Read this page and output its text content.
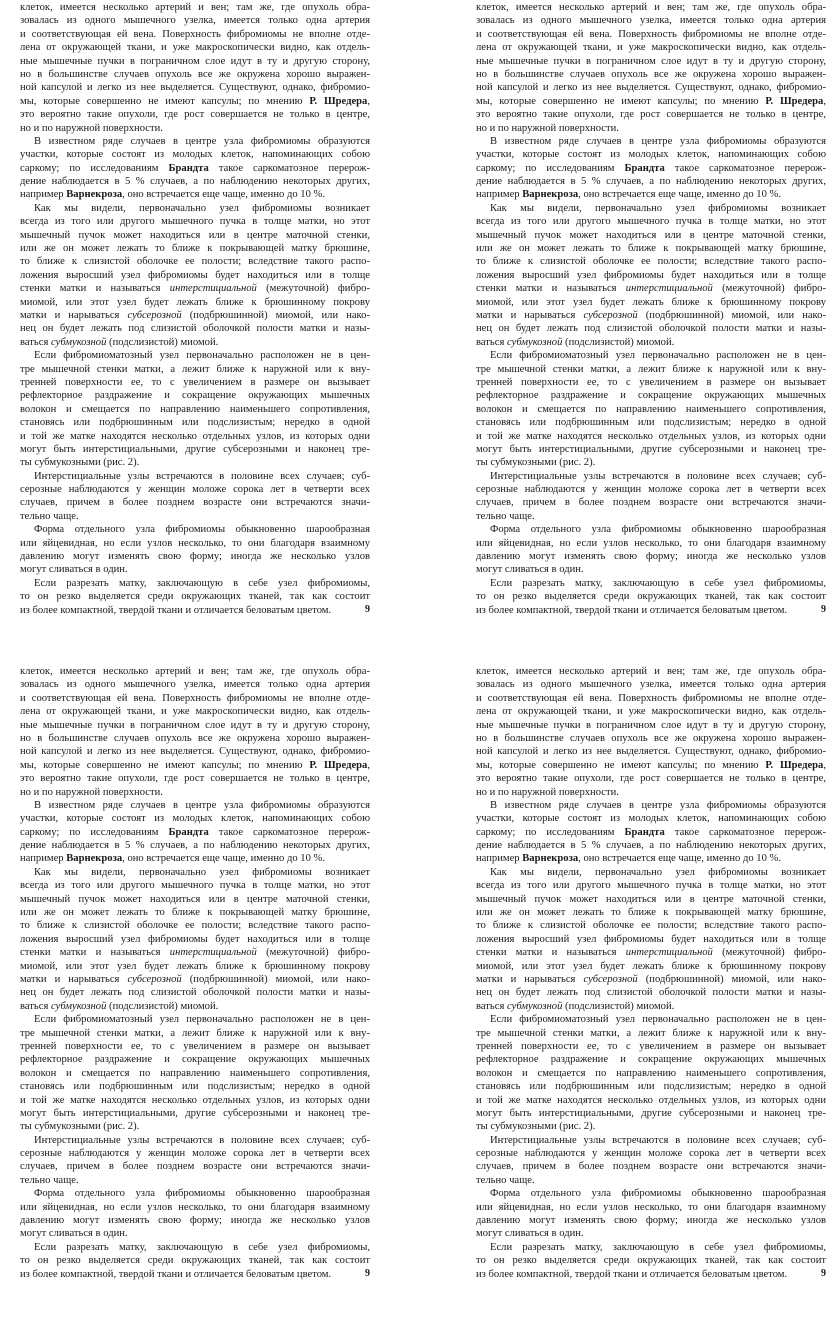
клеток, имеется несколько артерий и вен; там же, где опухоль обра-
зовалась из одного мышечного узелка, имеется только одна артерия
и соответствующая ей вена. Поверхность фибромиомы не вполне отде-
лена от окружающей ткани, и уже макроскопически видно, как отдель-
ные мышечные пучки в пограничном слое идут в ту и другую сторону,
но в большинстве случаев опухоль все же окружена хорошо выражен-
ной капсулой и легко из нее выделяется. Существуют, однако, фибромио-
мы, которые совершенно не имеют капсулы; по мнению Р. Шредера,
это вероятно такие опухоли, где рост совершается не только в центре,
но и по наружной поверхности.
В известном ряде случаев в центре узла фибромиомы образуются
участки, которые состоят из молодых клеток, напоминающих собою
саркому; по исследованиям Брандта такое саркоматозное перерож-
дение наблюдается в 5 % случаев, а по наблюдению некоторых других,
например Варнекроза, оно встречается еще чаще, именно до 10 %.
Как мы видели, первоначально узел фибромиомы возникает
всегда из того или другого мышечного пучка в толще матки, но этот
мышечный пучок может находиться или в центре маточной стенки,
или же он может лежать то ближе к покрывающей матку брюшине,
то ближе к слизистой оболочке ее полости; вследствие такого распо-
ложения выросший узел фибромиомы будет находиться или в толще
стенки матки и называться интерстициальной (межуточной) фибро-
миомой, или этот узел будет лежать ближе к брюшинному покрову
матки и нарываться субсерозной (подбрюшинной) миомой, или нако-
нец он будет лежать под слизистой оболочкой полости матки и назы-
ваться субмукозной (подслизистой) миомой.
Если фибромиоматозный узел первоначально расположен не в цен-
тре мышечной стенки матки, а лежит ближе к наружной или к вну-
тренней поверхности ее, то с увеличением в размере он вызывает
рефлекторное раздражение и сокращение окружающих мышечных
волокон и смещается по направлению наименьшего сопротивления,
становясь или подбрюшинным или подслизистым; нередко в одной
и той же матке находятся несколько отдельных узлов, из которых одни
могут быть интерстициальными, другие субсерозными и наконец тре-
ты субмукозными (рис. 2).
Интерстициальные узлы встречаются в половине всех случаев; суб-
серозные наблюдаются у женщин моложе сорока лет в четверти всех
случаев, причем в более позднем возрасте они встречаются значи-
тельно чаще.
Форма отдельного узла фибромиомы обыкновенно шарообразная
или яйцевидная, но если узлов несколько, то они благодаря взаимному
давлению могут изменять свою форму; иногда же несколько узлов
могут сливаться в один.
Если разрезать матку, заключающую в себе узел фибромиомы,
то он резко выделяется среди окружающих тканей, так как состоит
из более компактной, твердой ткани и отличается беловатым цветом.	9
клеток, имеется несколько артерий и вен; там же, где опухоль обра-
зовалась из одного мышечного узелка, имеется только одна артерия
и соответствующая ей вена. Поверхность фибромиомы не вполне отде-
лена от окружающей ткани, и уже макроскопически видно, как отдель-
ные мышечные пучки в пограничном слое идут в ту и другую сторону,
но в большинстве случаев опухоль все же окружена хорошо выражен-
ной капсулой и легко из нее выделяется. Существуют, однако, фибромио-
мы, которые совершенно не имеют капсулы; по мнению Р. Шредера,
это вероятно такие опухоли, где рост совершается не только в центре,
но и по наружной поверхности.
В известном ряде случаев в центре узла фибромиомы образуются
участки, которые состоят из молодых клеток, напоминающих собою
саркому; по исследованиям Брандта такое саркоматозное перерож-
дение наблюдается в 5 % случаев, а по наблюдению некоторых других,
например Варнекроза, оно встречается еще чаще, именно до 10 %.
Как мы видели, первоначально узел фибромиомы возникает
всегда из того или другого мышечного пучка в толще матки, но этот
мышечный пучок может находиться или в центре маточной стенки,
или же он может лежать то ближе к покрывающей матку брюшине,
то ближе к слизистой оболочке ее полости; вследствие такого распо-
ложения выросший узел фибромиомы будет находиться или в толще
стенки матки и называться интерстициальной (межуточной) фибро-
миомой, или этот узел будет лежать ближе к брюшинному покрову
матки и нарываться субсерозной (подбрюшинной) миомой, или нако-
нец он будет лежать под слизистой оболочкой полости матки и назы-
ваться субмукозной (подслизистой) миомой.
Если фибромиоматозный узел первоначально расположен не в цен-
тре мышечной стенки матки, а лежит ближе к наружной или к вну-
тренней поверхности ее, то с увеличением в размере он вызывает
рефлекторное раздражение и сокращение окружающих мышечных
волокон и смещается по направлению наименьшего сопротивления,
становясь или подбрюшинным или подслизистым; нередко в одной
и той же матке находятся несколько отдельных узлов, из которых одни
могут быть интерстициальными, другие субсерозными и наконец тре-
ты субмукозными (рис. 2).
Интерстициальные узлы встречаются в половине всех случаев; суб-
серозные наблюдаются у женщин моложе сорока лет в четверти всех
случаев, причем в более позднем возрасте они встречаются значи-
тельно чаще.
Форма отдельного узла фибромиомы обыкновенно шарообразная
или яйцевидная, но если узлов несколько, то они благодаря взаимному
давлению могут изменять свою форму; иногда же несколько узлов
могут сливаться в один.
Если разрезать матку, заключающую в себе узел фибромиомы,
то он резко выделяется среди окружающих тканей, так как состоит
из более компактной, твердой ткани и отличается беловатым цветом.	9
клеток, имеется несколько артерий и вен; там же, где опухоль обра-
зовалась из одного мышечного узелка, имеется только одна артерия
и соответствующая ей вена. Поверхность фибромиомы не вполне отде-
лена от окружающей ткани, и уже макроскопически видно, как отдель-
ные мышечные пучки в пограничном слое идут в ту и другую сторону,
но в большинстве случаев опухоль все же окружена хорошо выражен-
ной капсулой и легко из нее выделяется. Существуют, однако, фибромио-
мы, которые совершенно не имеют капсулы; по мнению Р. Шредера,
это вероятно такие опухоли, где рост совершается не только в центре,
но и по наружной поверхности.
В известном ряде случаев в центре узла фибромиомы образуются
участки, которые состоят из молодых клеток, напоминающих собою
саркому; по исследованиям Брандта такое саркоматозное перерож-
дение наблюдается в 5 % случаев, а по наблюдению некоторых других,
например Варнекроза, оно встречается еще чаще, именно до 10 %.
Как мы видели, первоначально узел фибромиомы возникает
всегда из того или другого мышечного пучка в толще матки, но этот
мышечный пучок может находиться или в центре маточной стенки,
или же он может лежать то ближе к покрывающей матку брюшине,
то ближе к слизистой оболочке ее полости; вследствие такого распо-
ложения выросший узел фибромиомы будет находиться или в толще
стенки матки и называться интерстициальной (межуточной) фибро-
миомой, или этот узел будет лежать ближе к брюшинному покрову
матки и нарываться субсерозной (подбрюшинной) миомой, или нако-
нец он будет лежать под слизистой оболочкой полости матки и назы-
ваться субмукозной (подслизистой) миомой.
Если фибромиоматозный узел первоначально расположен не в цен-
тре мышечной стенки матки, а лежит ближе к наружной или к вну-
тренней поверхности ее, то с увеличением в размере он вызывает
рефлекторное раздражение и сокращение окружающих мышечных
волокон и смещается по направлению наименьшего сопротивления,
становясь или подбрюшинным или подслизистым; нередко в одной
и той же матке находятся несколько отдельных узлов, из которых одни
могут быть интерстициальными, другие субсерозными и наконец тре-
ты субмукозными (рис. 2).
Интерстициальные узлы встречаются в половине всех случаев; суб-
серозные наблюдаются у женщин моложе сорока лет в четверти всех
случаев, причем в более позднем возрасте они встречаются значи-
тельно чаще.
Форма отдельного узла фибромиомы обыкновенно шарообразная
или яйцевидная, но если узлов несколько, то они благодаря взаимному
давлению могут изменять свою форму; иногда же несколько узлов
могут сливаться в один.
Если разрезать матку, заключающую в себе узел фибромиомы,
то он резко выделяется среди окружающих тканей, так как состоит
из более компактной, твердой ткани и отличается беловатым цветом.	9
клеток, имеется несколько артерий и вен; там же, где опухоль обра-
зовалась из одного мышечного узелка, имеется только одна артерия
и соответствующая ей вена. Поверхность фибромиомы не вполне отде-
лена от окружающей ткани, и уже макроскопически видно, как отдель-
ные мышечные пучки в пограничном слое идут в ту и другую сторону,
но в большинстве случаев опухоль все же окружена хорошо выражен-
ной капсулой и легко из нее выделяется. Существуют, однако, фибромио-
мы, которые совершенно не имеют капсулы; по мнению Р. Шредера,
это вероятно такие опухоли, где рост совершается не только в центре,
но и по наружной поверхности.
В известном ряде случаев в центре узла фибромиомы образуются
участки, которые состоят из молодых клеток, напоминающих собою
саркому; по исследованиям Брандта такое саркоматозное перерож-
дение наблюдается в 5 % случаев, а по наблюдению некоторых других,
например Варнекроза, оно встречается еще чаще, именно до 10 %.
Как мы видели, первоначально узел фибромиомы возникает
всегда из того или другого мышечного пучка в толще матки, но этот
мышечный пучок может находиться или в центре маточной стенки,
или же он может лежать то ближе к покрывающей матку брюшине,
то ближе к слизистой оболочке ее полости; вследствие такого распо-
ложения выросший узел фибромиомы будет находиться или в толще
стенки матки и называться интерстициальной (межуточной) фибро-
миомой, или этот узел будет лежать ближе к брюшинному покрову
матки и нарываться субсерозной (подбрюшинной) миомой, или нако-
нец он будет лежать под слизистой оболочкой полости матки и назы-
ваться субмукозной (подслизистой) миомой.
Если фибромиоматозный узел первоначально расположен не в цен-
тре мышечной стенки матки, а лежит ближе к наружной или к вну-
тренней поверхности ее, то с увеличением в размере он вызывает
рефлекторное раздражение и сокращение окружающих мышечных
волокон и смещается по направлению наименьшего сопротивления,
становясь или подбрюшинным или подслизистым; нередко в одной
и той же матке находятся несколько отдельных узлов, из которых одни
могут быть интерстициальными, другие субсерозными и наконец тре-
ты субмукозными (рис. 2).
Интерстициальные узлы встречаются в половине всех случаев; суб-
серозные наблюдаются у женщин моложе сорока лет в четверти всех
случаев, причем в более позднем возрасте они встречаются значи-
тельно чаще.
Форма отдельного узла фибромиомы обыкновенно шарообразная
или яйцевидная, но если узлов несколько, то они благодаря взаимному
давлению могут изменять свою форму; иногда же несколько узлов
могут сливаться в один.
Если разрезать матку, заключающую в себе узел фибромиомы,
то он резко выделяется среди окружающих тканей, так как состоит
из более компактной, твердой ткани и отличается беловатым цветом.	9
